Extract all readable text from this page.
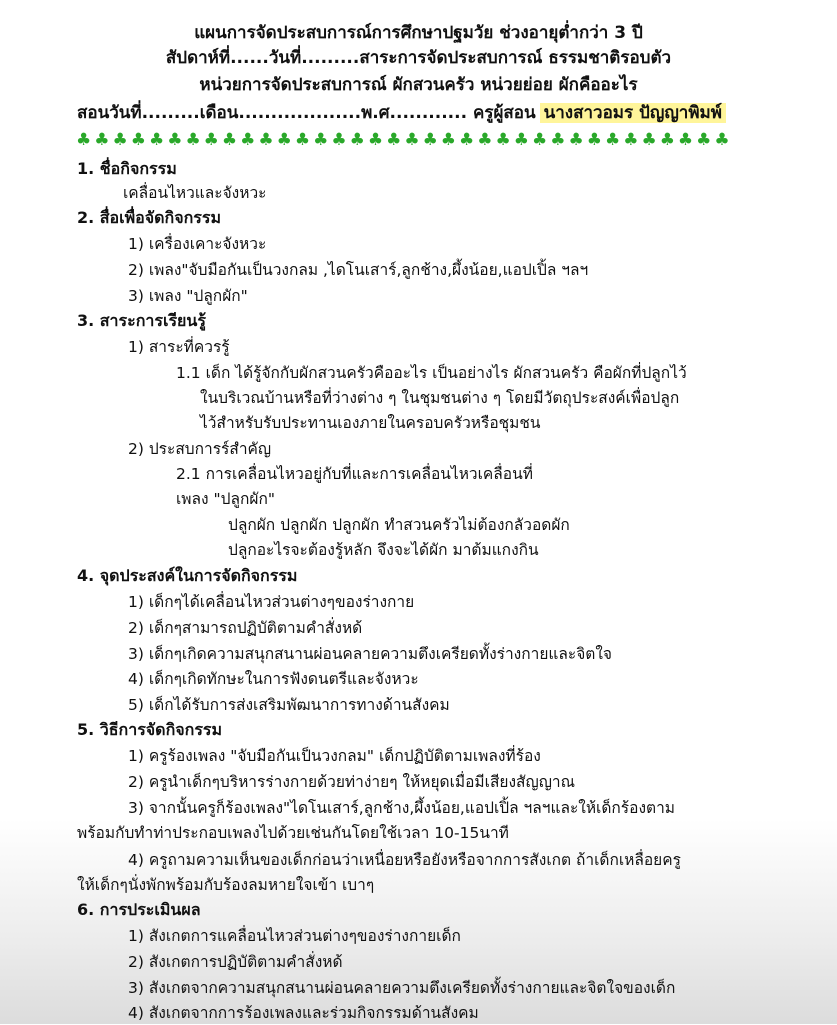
แผนการจัดประสบการณ์การศึกษาปฐมวัย ช่วงอายุต่ำกว่า 3 ปี
สัปดาห์ที่......วันที่.........สาระการจัดประสบการณ์ ธรรมชาติรอบตัว
หน่วยการจัดประสบการณ์ ผักสวนครัว หน่วยย่อย ผักคืออะไร
สอนวันที่.........เดือน...................พ.ศ............ ครูผู้สอน นางสาวอมร ปัญญาพิมพ์
♣♣♣♣♣♣♣♣♣♣♣♣♣♣♣♣♣♣♣♣♣♣♣♣♣♣♣♣♣♣♣♣♣♣♣♣
1. ชื่อกิจกรรม
เคลื่อนไหวและจังหวะ
2. สื่อเพื่อจัดกิจกรรม
1) เครื่องเคาะจังหวะ
2) เพลง"จับมือกันเป็นวงกลม ,ไดโนเสาร์,ลูกช้าง,ผึ้งน้อย,แอปเปิ้ล ฯลฯ
3) เพลง "ปลูกผัก"
3. สาระการเรียนรู้
1) สาระที่ควรรู้
1.1 เด็ก ได้รู้จักกับผักสวนครัวคืออะไร เป็นอย่างไร ผักสวนครัว คือผักที่ปลูกไว้
ในบริเวณบ้านหรือที่ว่างต่าง ๆ ในชุมชนต่าง ๆ โดยมีวัตถุประสงค์เพื่อปลูก
ไว้สำหรับรับประทานเองภายในครอบครัวหรือชุมชน
2) ประสบการร์สำคัญ
2.1 การเคลื่อนไหวอยู่กับที่และการเคลื่อนไหวเคลื่อนที่
เพลง "ปลูกผัก"
ปลูกผัก ปลูกผัก ปลูกผัก ทำสวนครัวไม่ต้องกลัวอดผัก
ปลูกอะไรจะต้องรู้หลัก จึงจะได้ผัก มาต้มแกงกิน
4. จุดประสงค์ในการจัดกิจกรรม
1) เด็กๆได้เคลื่อนไหวส่วนต่างๆของร่างกาย
2) เด็กๆสามารถปฏิบัติตามคำสั่งหด้
3) เด็กๆเกิดความสนุกสนานผ่อนคลายความตึงเครียดทั้งร่างกายและจิตใจ
4) เด็กๆเกิดทักษะในการฟังดนตรีและจังหวะ
5) เด็กได้รับการส่งเสริมพัฒนาการทางด้านสังคม
5. วิธีการจัดกิจกรรม
1) ครูร้องเพลง "จับมือกันเป็นวงกลม" เด็กปฏิบัติตามเพลงที่ร้อง
2) ครูนำเด็กๆบริหารร่างกายด้วยท่าง่ายๆ ให้หยุดเมื่อมีเสียงสัญญาณ
3) จากนั้นครูก็ร้องเพลง"ไดโนเสาร์,ลูกช้าง,ผึ้งน้อย,แอปเปิ้ล ฯลฯและให้เด็กร้องตาม
พร้อมกับทำท่าประกอบเพลงไปด้วยเช่นกันโดยใช้เวลา 10-15นาที
4) ครูถามความเห็นของเด็กก่อนว่าเหนื่อยหรือยังหรือจากการสังเกต ถ้าเด็กเหลื่อยครู
ให้เด็กๆนั่งพักพร้อมกับร้องลมหายใจเข้า เบาๆ
6. การประเมินผล
1) สังเกตการแคลื่อนไหวส่วนต่างๆของร่างกายเด็ก
2) สังเกตการปฏิบัติตามคำสั่งหด้
3) สังเกตจากความสนุกสนานผ่อนคลายความตึงเครียดทั้งร่างกายและจิตใจของเด็ก
4) สังเกตจากการร้องเพลงและร่วมกิจกรรมด้านสังคม
